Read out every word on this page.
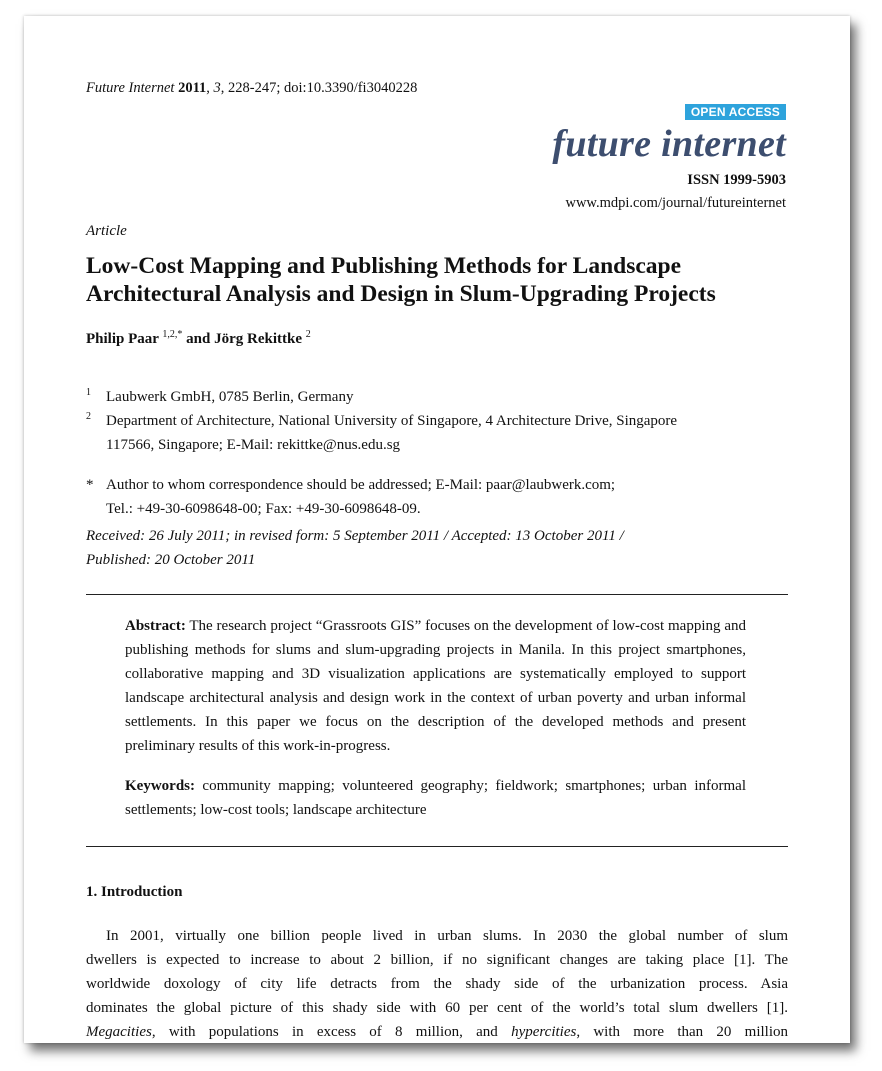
Future Internet 2011, 3, 228-247; doi:10.3390/fi3040228
OPEN ACCESS
future internet
ISSN 1999-5903
www.mdpi.com/journal/futureinternet
Article
Low-Cost Mapping and Publishing Methods for Landscape
Architectural Analysis and Design in Slum-Upgrading Projects
Philip Paar $^{1,2,*}$ and Jörg Rekittke $^2$
1 Laubwerk GmbH, 0785 Berlin, Germany
2 Department of Architecture, National University of Singapore, 4 Architecture Drive, Singapore
117566, Singapore; E-Mail: rekittke@nus.edu.sg
* Author to whom correspondence should be addressed; E-Mail: paar@laubwerk.com;
Tel.: +49-30-6098648-00; Fax: +49-30-6098648-09.
Received: 26 July 2011; in revised form: 5 September 2011 / Accepted: 13 October 2011 /
Published: 20 October 2011
Abstract: The research project “Grassroots GIS” focuses on the development of low-cost mapping and publishing methods for slums and slum-upgrading projects in Manila. In this project smartphones, collaborative mapping and 3D visualization applications are systematically employed to support landscape architectural analysis and design work in the context of urban poverty and urban informal settlements. In this paper we focus on the description of the developed methods and present preliminary results of this work-in-progress.
Keywords: community mapping; volunteered geography; fieldwork; smartphones; urban informal settlements; low-cost tools; landscape architecture
1. Introduction
In 2001, virtually one billion people lived in urban slums. In 2030 the global number of slum
dwellers is expected to increase to about 2 billion, if no significant changes are taking place [1]. The
worldwide doxology of city life detracts from the shady side of the urbanization process. Asia
dominates the global picture of this shady side with 60 per cent of the world’s total slum dwellers [1].
Megacities, with populations in excess of 8 million, and hypercities, with more than 20 million
